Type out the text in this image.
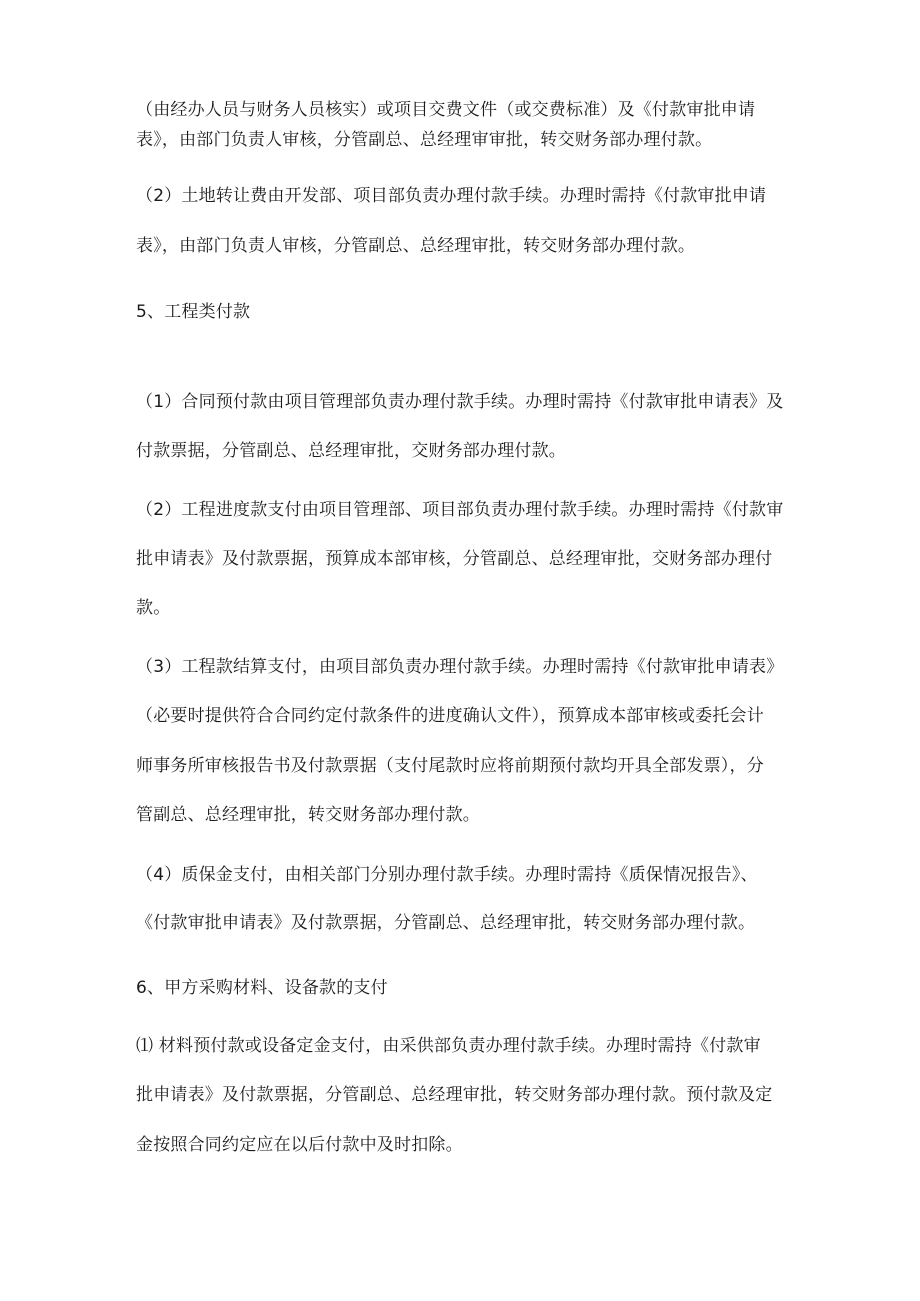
（由经办人员与财务人员核实）或项目交费文件（或交费标准）及《付款审批申请

表》，由部门负责人审核，分管副总、总经理审审批，转交财务部办理付款。

（2）土地转让费由开发部、项目部负责办理付款手续。办理时需持《付款审批申请

表》，由部门负责人审核，分管副总、总经理审批，转交财务部办理付款。

5、工程类付款

（1）合同预付款由项目管理部负责办理付款手续。办理时需持《付款审批申请表》及

付款票据，分管副总、总经理审批，交财务部办理付款。

（2）工程进度款支付由项目管理部、项目部负责办理付款手续。办理时需持《付款审

批申请表》及付款票据，预算成本部审核，分管副总、总经理审批，交财务部办理付

款。

（3）工程款结算支付，由项目部负责办理付款手续。办理时需持《付款审批申请表》

（必要时提供符合合同约定付款条件的进度确认文件），预算成本部审核或委托会计

师事务所审核报告书及付款票据（支付尾款时应将前期预付款均开具全部发票），分

管副总、总经理审批，转交财务部办理付款。

（4）质保金支付，由相关部门分别办理付款手续。办理时需持《质保情况报告》、

《付款审批申请表》及付款票据，分管副总、总经理审批，转交财务部办理付款。

6、甲方采购材料、设备款的支付

⑴ 材料预付款或设备定金支付，由采供部负责办理付款手续。办理时需持《付款审

批申请表》及付款票据，分管副总、总经理审批，转交财务部办理付款。预付款及定

金按照合同约定应在以后付款中及时扣除。
